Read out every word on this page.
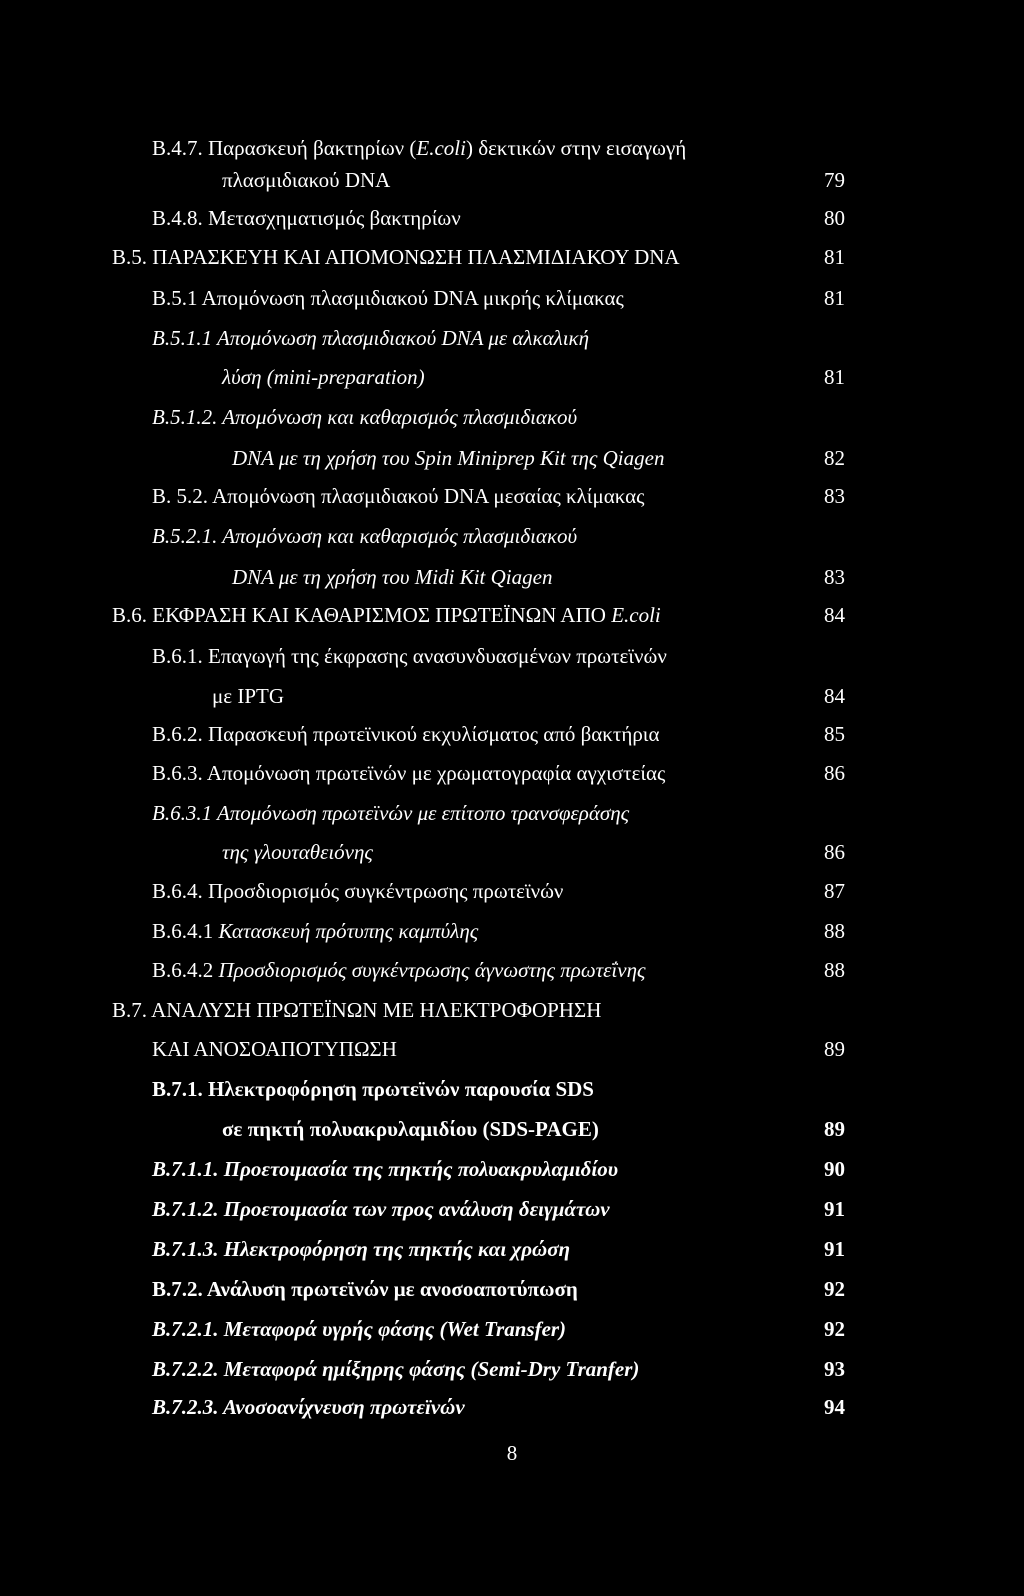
Β.4.7. Παρασκευή βακτηρίων (E.coli) δεκτικών στην εισαγωγή
πλασμιδιακού DNA	79
Β.4.8. Μετασχηματισμός βακτηρίων	80
Β.5. ΠΑΡΑΣΚΕΥΗ ΚΑΙ ΑΠΟΜΟΝΩΣΗ ΠΛΑΣΜΙΔΙΑΚΟΥ DNA	81
Β.5.1 Απομόνωση πλασμιδιακού DNA μικρής κλίμακας	81
Β.5.1.1 Απομόνωση πλασμιδιακού DNA με αλκαλική
λύση (mini-preparation)	81
Β.5.1.2. Απομόνωση και καθαρισμός πλασμιδιακού
DNA με τη χρήση του Spin Miniprep Kit της Qiagen	82
Β. 5.2. Απομόνωση πλασμιδιακού DNA μεσαίας κλίμακας	83
Β.5.2.1. Απομόνωση και καθαρισμός πλασμιδιακού
DNA με τη χρήση του Midi Kit Qiagen	83
Β.6. ΕΚΦΡΑΣΗ ΚΑΙ ΚΑΘΑΡΙΣΜΟΣ ΠΡΩΤΕΪΝΩΝ ΑΠΟ E.coli	84
Β.6.1. Επαγωγή της έκφρασης ανασυνδυασμένων πρωτεϊνών
με IPTG	84
Β.6.2. Παρασκευή πρωτεϊνικού εκχυλίσματος από βακτήρια	85
Β.6.3. Απομόνωση πρωτεϊνών με χρωματογραφία αγχιστείας	86
Β.6.3.1 Απομόνωση πρωτεϊνών με επίτοπο τρανσφεράσης
της γλουταθειόνης	86
Β.6.4. Προσδιορισμός συγκέντρωσης πρωτεϊνών	87
Β.6.4.1 Κατασκευή πρότυπης καμπύλης	88
Β.6.4.2 Προσδιορισμός συγκέντρωσης άγνωστης πρωτεΐνης	88
Β.7. ΑΝΑΛΥΣΗ ΠΡΩΤΕΪΝΩΝ ΜΕ ΗΛΕΚΤΡΟΦΟΡΗΣΗ
ΚΑΙ ΑΝΟΣΟΑΠΟΤΥΠΩΣΗ	89
Β.7.1. Ηλεκτροφόρηση πρωτεϊνών παρουσία SDS
σε πηκτή πολυακρυλαμιδίου (SDS-PAGE)	89
Β.7.1.1. Προετοιμασία της πηκτής πολυακρυλαμιδίου	90
Β.7.1.2. Προετοιμασία των προς ανάλυση δειγμάτων	91
Β.7.1.3. Ηλεκτροφόρηση της πηκτής και χρώση	91
Β.7.2. Ανάλυση πρωτεϊνών με ανοσοαποτύπωση	92
Β.7.2.1. Μεταφορά υγρής φάσης (Wet Transfer)	92
Β.7.2.2. Μεταφορά ημίξηρης φάσης (Semi-Dry Tranfer)	93
Β.7.2.3. Ανοσοανίχνευση πρωτεϊνών	94
8
